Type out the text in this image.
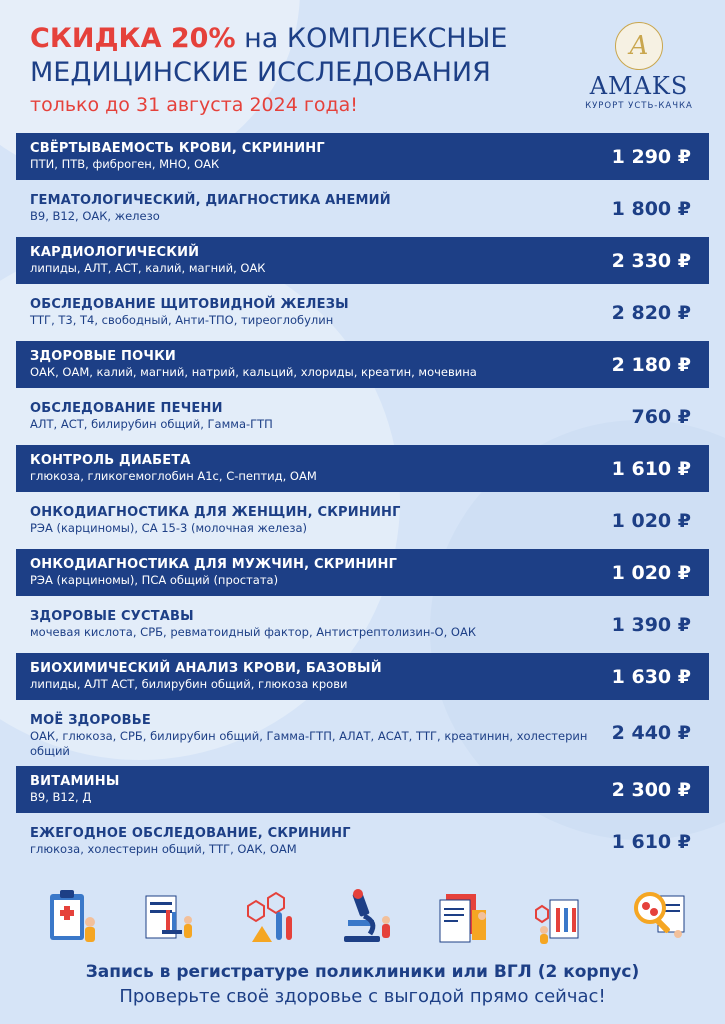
СКИДКА 20% на КОМПЛЕКСНЫЕ
МЕДИЦИНСКИЕ ИССЛЕДОВАНИЯ
только до 31 августа 2024 года!
А
AMAKS
КУРОРТ УСТЬ-КАЧКА
СВЁРТЫВАЕМОСТЬ КРОВИ, СКРИНИНГ
ПТИ, ПТВ, фиброген, МНО, ОАК	1 290 ₽
ГЕМАТОЛОГИЧЕСКИЙ, ДИАГНОСТИКА АНЕМИЙ
В9, В12, ОАК, железо	1 800 ₽
КАРДИОЛОГИЧЕСКИЙ
липиды, АЛТ, АСТ, калий, магний, ОАК	2 330 ₽
ОБСЛЕДОВАНИЕ ЩИТОВИДНОЙ ЖЕЛЕЗЫ
ТТГ, Т3, Т4, свободный, Анти-ТПО, тиреоглобулин	2 820 ₽
ЗДОРОВЫЕ ПОЧКИ
ОАК, ОАМ, калий, магний, натрий, кальций, хлориды, креатин, мочевина	2 180 ₽
ОБСЛЕДОВАНИЕ ПЕЧЕНИ
АЛТ, АСТ, билирубин общий, Гамма-ГТП	760 ₽
КОНТРОЛЬ ДИАБЕТА
глюкоза, гликогемоглобин А1с, С-пептид, ОАМ	1 610 ₽
ОНКОДИАГНОСТИКА ДЛЯ ЖЕНЩИН, СКРИНИНГ
РЭА (карциномы), СА 15-3 (молочная железа)	1 020 ₽
ОНКОДИАГНОСТИКА ДЛЯ МУЖЧИН, СКРИНИНГ
РЭА (карциномы), ПСА общий (простата)	1 020 ₽
ЗДОРОВЫЕ СУСТАВЫ
мочевая кислота, СРБ, ревматоидный фактор, Антистрептолизин-О, ОАК	1 390 ₽
БИОХИМИЧЕСКИЙ АНАЛИЗ КРОВИ, БАЗОВЫЙ
липиды, АЛТ АСТ, билирубин общий, глюкоза крови	1 630 ₽
МОЁ ЗДОРОВЬЕ
ОАК, глюкоза, СРБ, билирубин общий, Гамма-ГТП, АЛАТ, АСАТ, ТТГ, креатинин, холестерин общий
2 440 ₽
ВИТАМИНЫ
В9, В12, Д	2 300 ₽
ЕЖЕГОДНОЕ ОБСЛЕДОВАНИЕ, СКРИНИНГ
глюкоза, холестерин общий, ТТГ, ОАК, ОАМ	1 610 ₽
Запись в регистратуре поликлиники или ВГЛ (2 корпус)
Проверьте своё здоровье с выгодой прямо сейчас!
